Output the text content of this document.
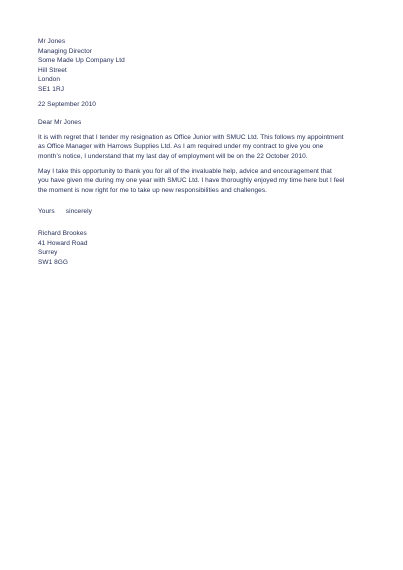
Mr Jones
Managing Director
Some Made Up Company Ltd
Hill Street
London
SE1 1RJ
22 September 2010
Dear Mr Jones
It is with regret that I tender my resignation as Office Junior with SMUC Ltd. This follows my appointment
as Office Manager with Harrows Supplies Ltd. As I am required under my contract to give you one
month’s notice, I understand that my last day of employment will be on the 22 October 2010.
May I take this opportunity to thank you for all of the invaluable help, advice and encouragement that
you have given me during my one year with SMUC Ltd. I have thoroughly enjoyed my time here but I feel
the moment is now right for me to take up new responsibilities and challenges.
Yours      sincerely
Richard Brookes
41 Howard Road
Surrey
SW1 8GG
